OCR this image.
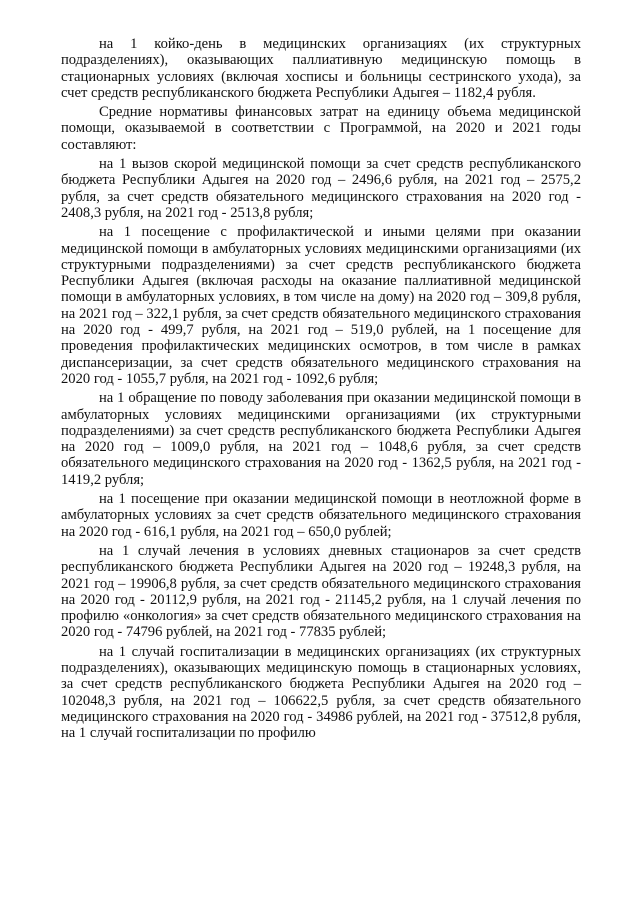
на 1 койко-день в медицинских организациях (их структурных подразделениях), оказывающих паллиативную медицинскую помощь в стационарных условиях (включая хосписы и больницы сестринского ухода), за счет средств республиканского бюджета Республики Адыгея – 1182,4 рубля.

Средние нормативы финансовых затрат на единицу объема медицинской помощи, оказываемой в соответствии с Программой, на 2020 и 2021 годы составляют:

на 1 вызов скорой медицинской помощи за счет средств республиканского бюджета Республики Адыгея на 2020 год – 2496,6 рубля, на 2021 год – 2575,2 рубля, за счет средств обязательного медицинского страхования на 2020 год - 2408,3 рубля, на 2021 год - 2513,8 рубля;

на 1 посещение с профилактической и иными целями при оказании медицинской помощи в амбулаторных условиях медицинскими организациями (их структурными подразделениями) за счет средств республиканского бюджета Республики Адыгея (включая расходы на оказание паллиативной медицинской помощи в амбулаторных условиях, в том числе на дому) на 2020 год – 309,8 рубля, на 2021 год – 322,1 рубля, за счет средств обязательного медицинского страхования на 2020 год - 499,7 рубля, на 2021 год – 519,0 рублей, на 1 посещение для проведения профилактических медицинских осмотров, в том числе в рамках диспансеризации, за счет средств обязательного медицинского страхования на 2020 год - 1055,7 рубля, на 2021 год - 1092,6 рубля;

на 1 обращение по поводу заболевания при оказании медицинской помощи в амбулаторных условиях медицинскими организациями (их структурными подразделениями) за счет средств республиканского бюджета Республики Адыгея на 2020 год – 1009,0 рубля, на 2021 год – 1048,6 рубля, за счет средств обязательного медицинского страхования на 2020 год - 1362,5 рубля, на 2021 год - 1419,2 рубля;

на 1 посещение при оказании медицинской помощи в неотложной форме в амбулаторных условиях за счет средств обязательного медицинского страхования на 2020 год - 616,1 рубля, на 2021 год – 650,0 рублей;

на 1 случай лечения в условиях дневных стационаров за счет средств республиканского бюджета Республики Адыгея на 2020 год – 19248,3 рубля, на 2021 год – 19906,8 рубля, за счет средств обязательного медицинского страхования на 2020 год - 20112,9 рубля, на 2021 год - 21145,2 рубля, на 1 случай лечения по профилю «онкология» за счет средств обязательного медицинского страхования на 2020 год - 74796 рублей, на 2021 год - 77835 рублей;

на 1 случай госпитализации в медицинских организациях (их структурных подразделениях), оказывающих медицинскую помощь в стационарных условиях, за счет средств республиканского бюджета Республики Адыгея на 2020 год – 102048,3 рубля, на 2021 год – 106622,5 рубля, за счет средств обязательного медицинского страхования на 2020 год - 34986 рублей, на 2021 год - 37512,8 рубля, на 1 случай госпитализации по профилю
